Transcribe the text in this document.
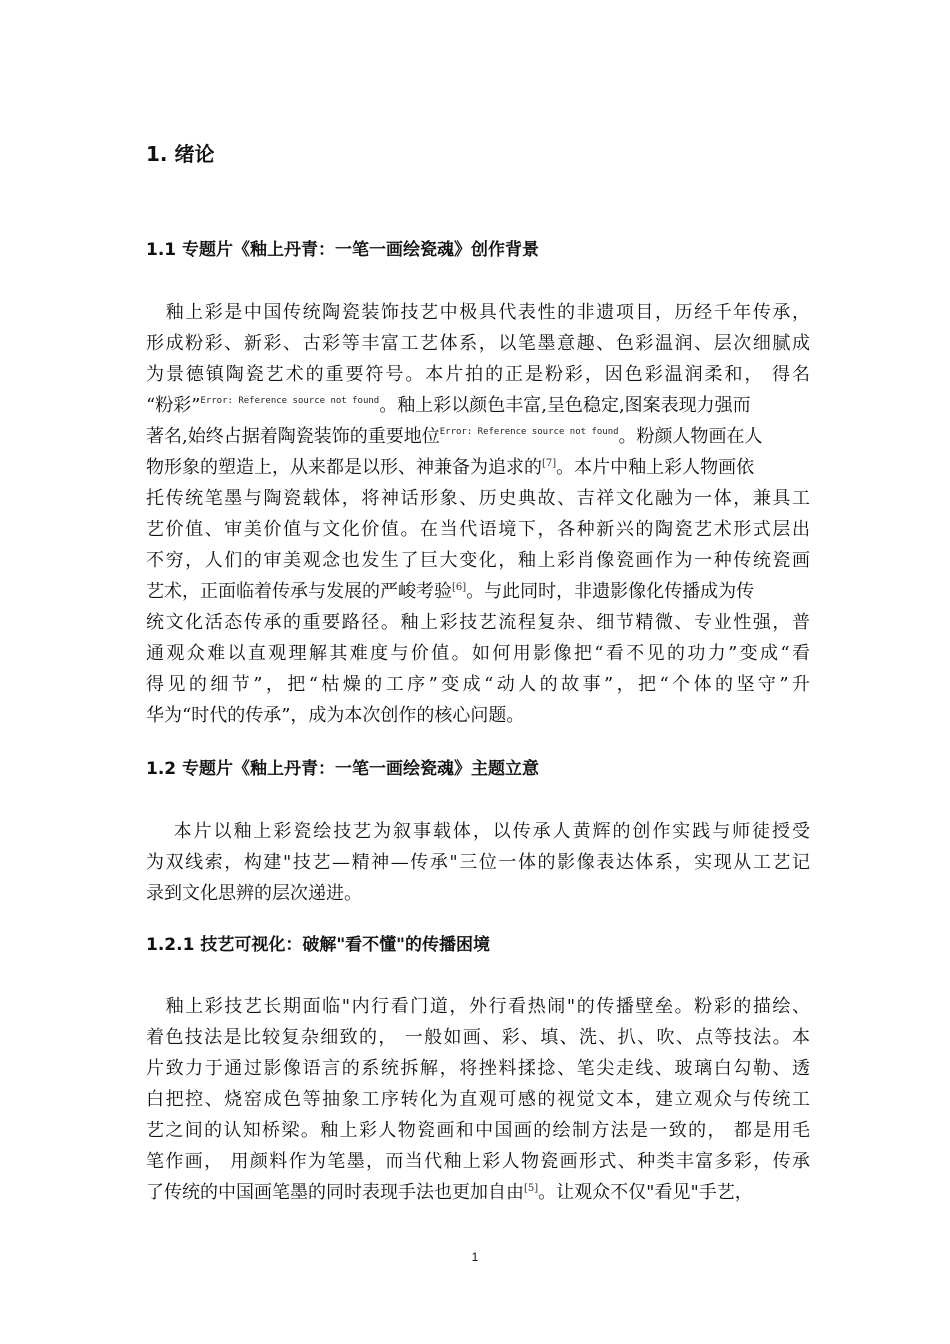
1. 绪论
1.1 专题片《釉上丹青：一笔一画绘瓷魂》创作背景
　釉上彩是中国传统陶瓷装饰技艺中极具代表性的非遗项目，历经千年传承，
形成粉彩、新彩、古彩等丰富工艺体系，以笔墨意趣、色彩温润、层次细腻成
为景德镇陶瓷艺术的重要符号。本片拍的正是粉彩，因色彩温润柔和， 得名
“粉彩”$^{Error: Reference source not found}$。釉上彩以颜色丰富,呈色稳定,图案表现力强而
著名,始终占据着陶瓷装饰的重要地位$^{Error: Reference source not found}$。粉颜人物画在人
物形象的塑造上，从来都是以形、神兼备为追求的[7]。本片中釉上彩人物画依
托传统笔墨与陶瓷载体，将神话形象、历史典故、吉祥文化融为一体，兼具工
艺价值、审美价值与文化价值。在当代语境下，各种新兴的陶瓷艺术形式层出
不穷，人们的审美观念也发生了巨大变化，釉上彩肖像瓷画作为一种传统瓷画
艺术，正面临着传承与发展的严峻考验[6]。与此同时，非遗影像化传播成为传
统文化活态传承的重要路径。釉上彩技艺流程复杂、细节精微、专业性强，普
通观众难以直观理解其难度与价值。如何用影像把“看不见的功力”变成“看
得见的细节”，把“枯燥的工序”变成“动人的故事”，把“个体的坚守”升
华为“时代的传承”，成为本次创作的核心问题。
1.2 专题片《釉上丹青：一笔一画绘瓷魂》主题立意
　 本片以釉上彩瓷绘技艺为叙事载体，以传承人黄辉的创作实践与师徒授受
为双线索，构建"技艺—精神—传承"三位一体的影像表达体系，实现从工艺记
录到文化思辨的层次递进。
1.2.1 技艺可视化：破解"看不懂"的传播困境
　釉上彩技艺长期面临"内行看门道，外行看热闹"的传播壁垒。粉彩的描绘、
着色技法是比较复杂细致的， 一般如画、彩、填、洗、扒、吹、点等技法。本
片致力于通过影像语言的系统拆解，将挫料揉捻、笔尖走线、玻璃白勾勒、透
白把控、烧窑成色等抽象工序转化为直观可感的视觉文本，建立观众与传统工
艺之间的认知桥梁。釉上彩人物瓷画和中国画的绘制方法是一致的， 都是用毛
笔作画， 用颜料作为笔墨，而当代釉上彩人物瓷画形式、种类丰富多彩，传承
了传统的中国画笔墨的同时表现手法也更加自由[5]。让观众不仅"看见"手艺，
1
